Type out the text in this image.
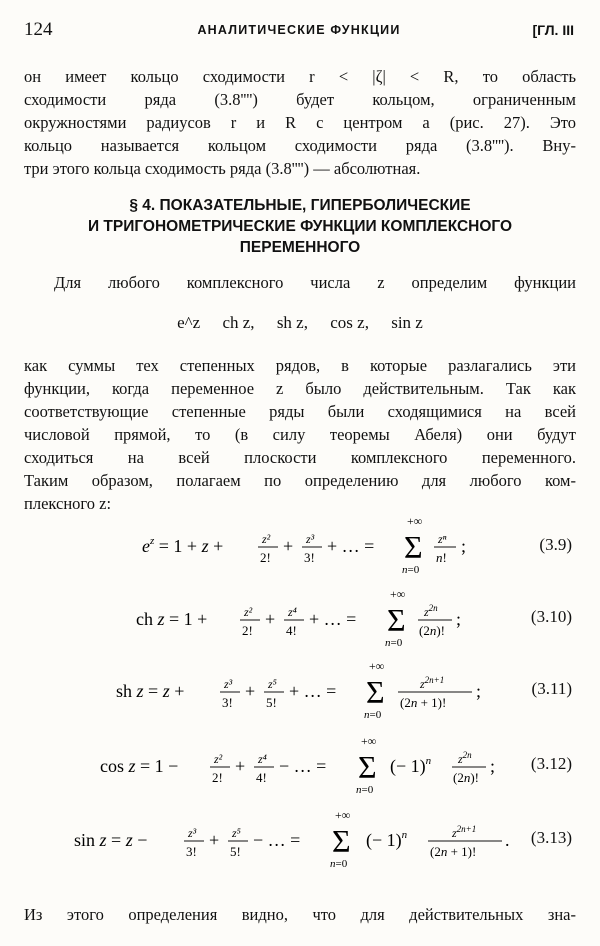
124	АНАЛИТИЧЕСКИЕ ФУНКЦИИ	[ГЛ. III
он имеет кольцо сходимости r < |ζ| < R, то область
сходимости ряда (3.8'''') будет кольцом, ограниченным
окружностями радиусов r и R с центром a (рис. 27). Это
кольцо называется кольцом сходимости ряда (3.8''''). Вну-
три этого кольца сходимость ряда (3.8'''') — абсолютная.
§ 4. ПОКАЗАТЕЛЬНЫЕ, ГИПЕРБОЛИЧЕСКИЕ
И ТРИГОНОМЕТРИЧЕСКИЕ ФУНКЦИИ КОМПЛЕКСНОГО
ПЕРЕМЕННОГО
Для любого комплексного числа z определим функции
e^z ch z, sh z, cos z, sin z
как суммы тех степенных рядов, в которые разлагались эти
функции, когда переменное z было действительным. Так как
соответствующие степенные ряды были сходящимися на всей
числовой прямой, то (в силу теоремы Абеля) они будут
сходиться на всей плоскости комплексного переменного.
Таким образом, полагаем по определению для любого ком-
плексного z:
$e^z = 1 + z$ +	z²
2!
+ z³
3!
+ … =
+∞
Σ
n=0
zⁿ
n!
;	(3.9)
ch z = 1 +	z²
2!
+ z⁴
4!
+ … =
+∞
Σ
n=0
$z^{2n}$
(2n)!
;	(3.10)
sh z = z +	z³
3!
+ z⁵
5!
+ … =
+∞
Σ
n=0
$z^{2n+1}$
(2n + 1)!
;	(3.11)
cos z = 1 −	z²
2!
+ z⁴
4!
− … =
+∞
Σ
n=0
(− 1)$^n$ $z^{2n}$
(2n)!
; (3.12)
sin z = z −	z³
3!
+ z⁵
5!
− … =
+∞
Σ
n=0
(− 1)$^n$	$z^{2n+1}$
(2n + 1)!
. (3.13)
Из этого определения видно, что для действительных зна-
